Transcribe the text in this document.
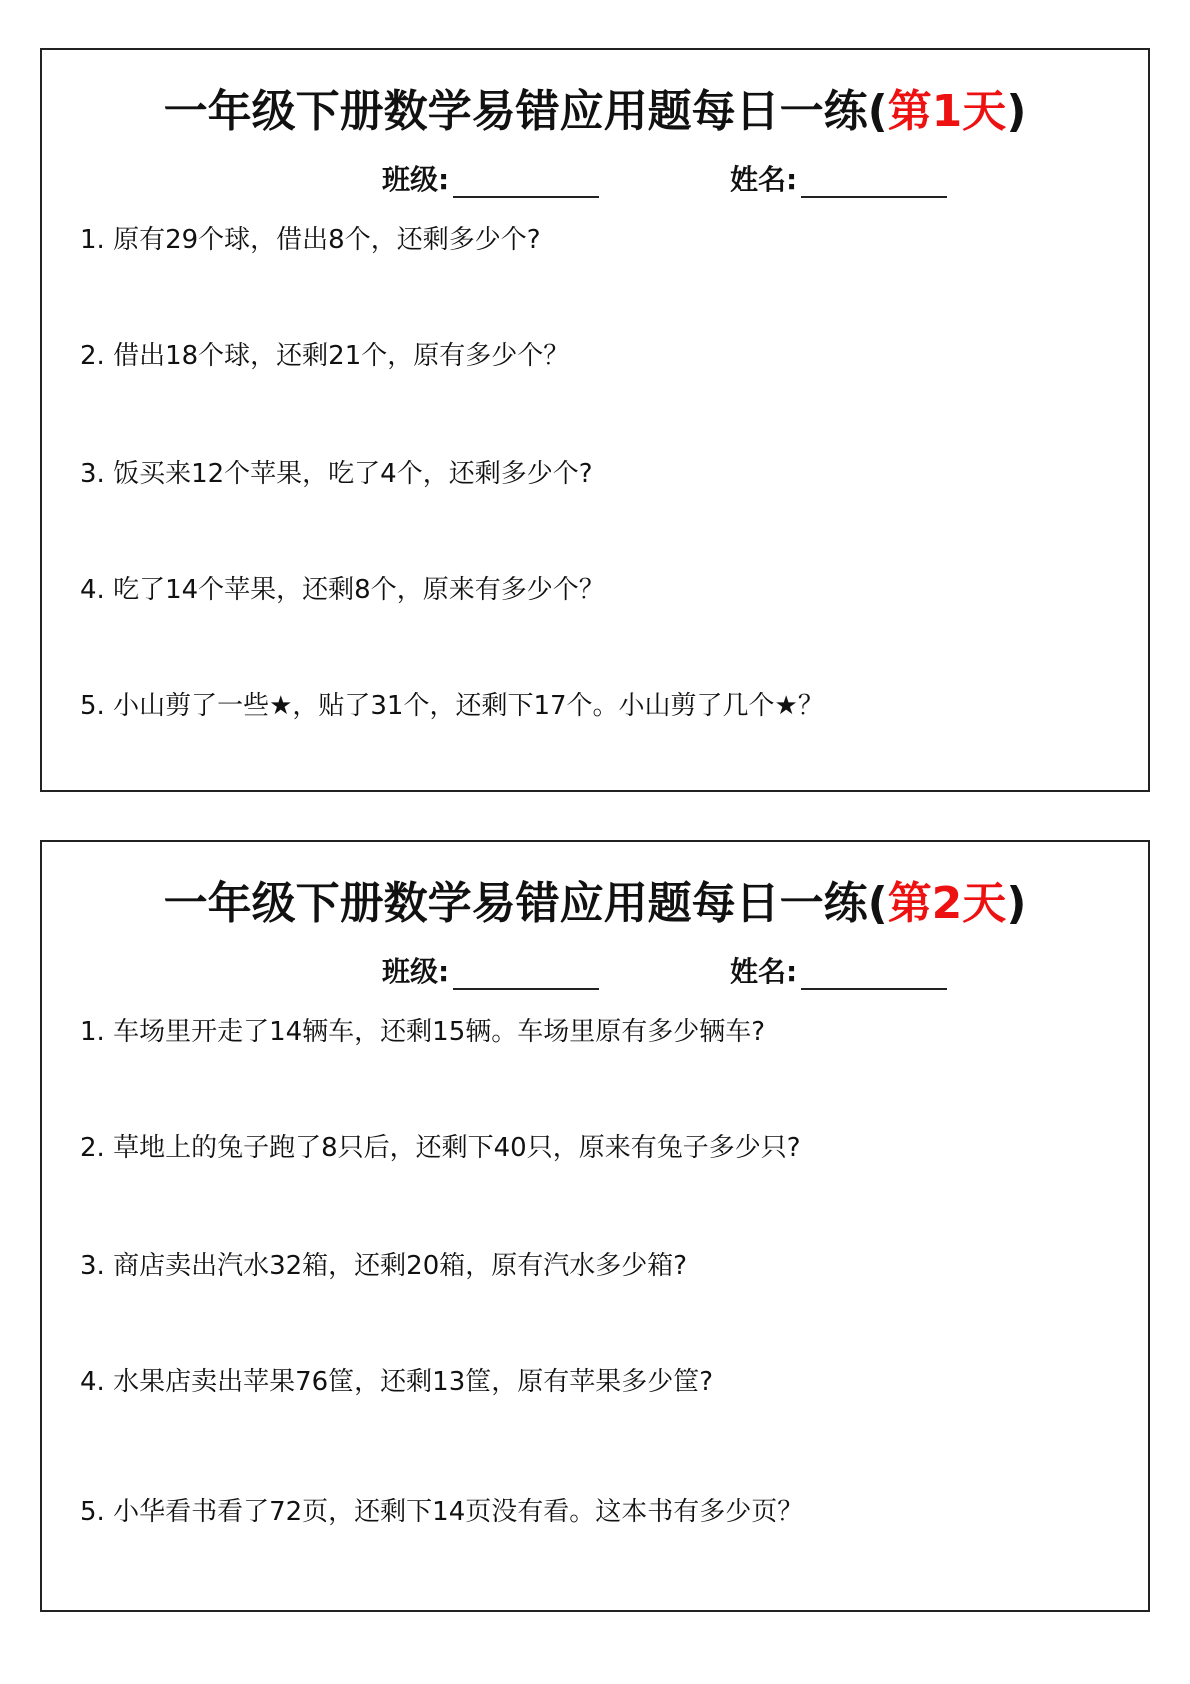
一年级下册数学易错应用题每日一练(第1天)
班级:	姓名:
1. 原有29个球，借出8个，还剩多少个?
2. 借出18个球，还剩21个，原有多少个？
3. 饭买来12个苹果，吃了4个，还剩多少个?
4. 吃了14个苹果，还剩8个，原来有多少个？
5. 小山剪了一些★，贴了31个，还剩下17个。小山剪了几个★？
一年级下册数学易错应用题每日一练(第2天)
班级:	姓名:
1. 车场里开走了14辆车，还剩15辆。车场里原有多少辆车?
2. 草地上的兔子跑了8只后，还剩下40只，原来有兔子多少只?
3. 商店卖出汽水32箱，还剩20箱，原有汽水多少箱?
4. 水果店卖出苹果76筐，还剩13筐，原有苹果多少筐?
5. 小华看书看了72页，还剩下14页没有看。这本书有多少页？
